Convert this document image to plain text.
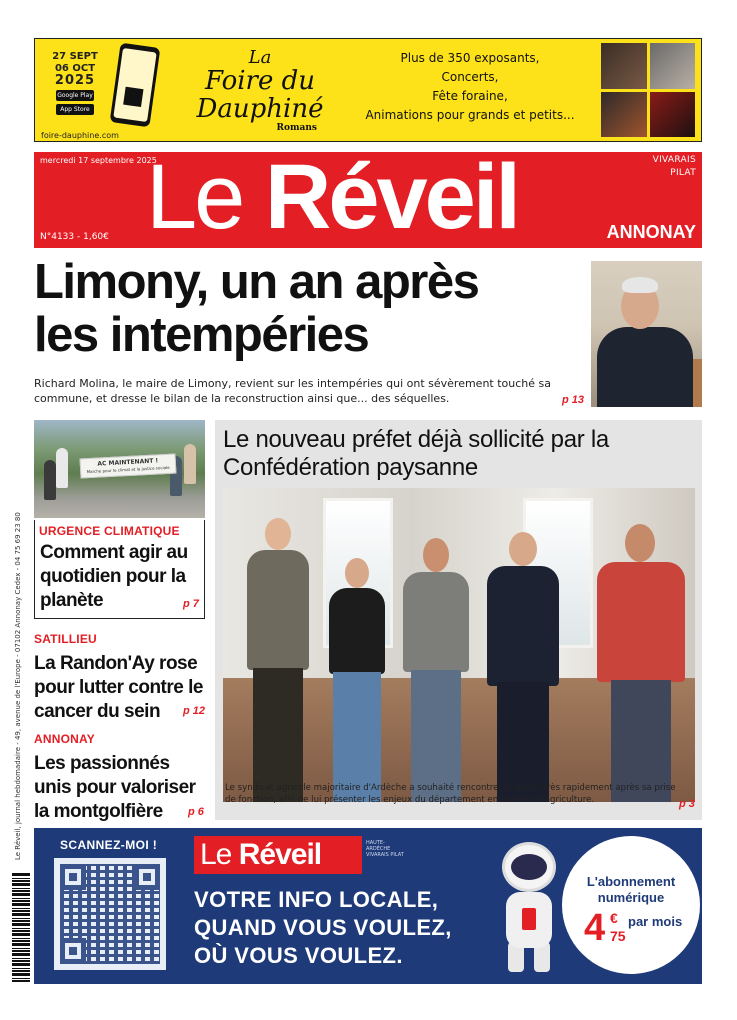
27 SEPT
06 OCT
2025
Google Play
App Store
foire-dauphine.com
La
Foire du Dauphiné
Romans
Plus de 350 exposants,
Concerts,
Fête foraine,
Animations pour grands et petits...
mercredi 17 septembre 2025	VIVARAIS
PILAT
Le Réveil
N°4133 - 1,60€	ANNONAY
Limony, un an après
les intempéries
Richard Molina, le maire de Limony, revient sur les intempéries qui ont sévèrement touché sa commune, et dresse le bilan de la reconstruction ainsi que... des séquelles.	p 13
AC MAINTENANT !
Marche pour le climat et la justice sociale
URGENCE CLIMATIQUE
Comment agir au quotidien pour la planète	p 7
SATILLIEU
La Randon'Ay rose pour lutter contre le cancer du sein	p 12
ANNONAY
Les passionnés unis pour valoriser la montgolfière	p 6
Le nouveau préfet déjà sollicité par la Confédération paysanne
Le syndicat agricole majoritaire d'Ardèche a souhaité rencontrer le préfet très rapidement après sa prise de fonction, afin de lui présenter les enjeux du département en matière d'agriculture.	p 3
Le Réveil, journal hebdomadaire - 49, avenue de l'Europe - 07102 Annonay Cedex - 04 75 69 23 80	SCANNEZ-MOI ! Le Réveil	HAUTE-ARDÈCHE VIVARAIS PILAT
VOTRE INFO LOCALE,
QUAND VOUS VOULEZ,
OÙ VOUS VOULEZ.
L'abonnement
numérique
4 €
75
par mois
